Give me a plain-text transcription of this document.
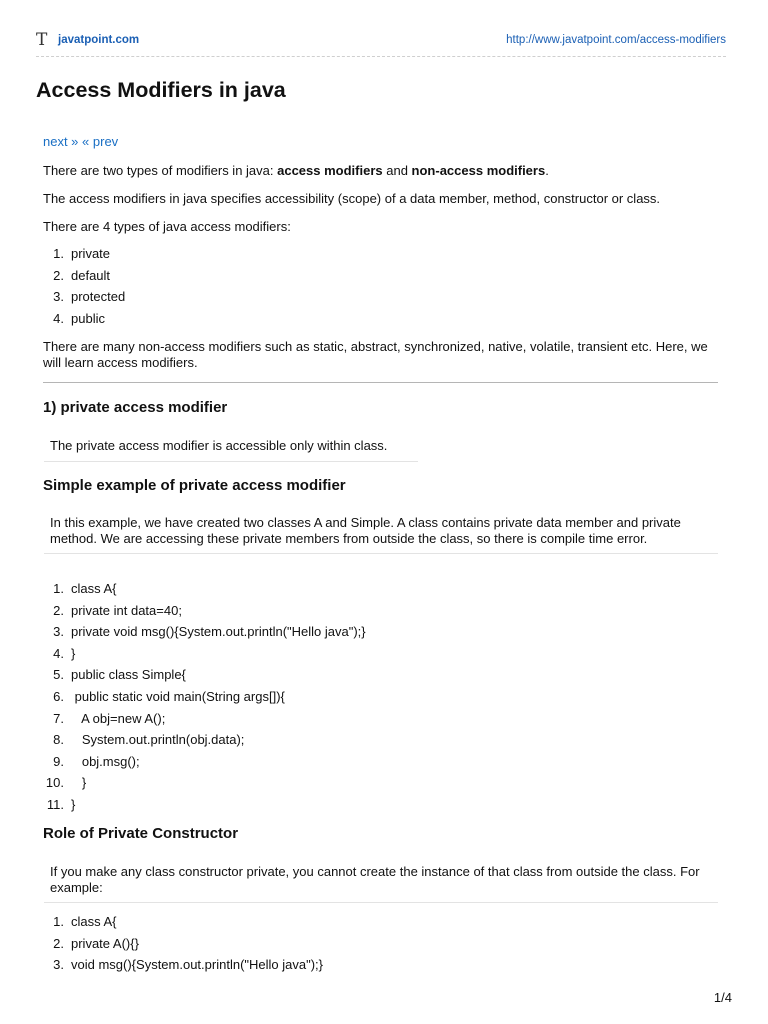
T javatpoint.com	http://www.javatpoint.com/access-modifiers
Access Modifiers in java
next » « prev

There are two types of modifiers in java: access modifiers and non-access modifiers.

The access modifiers in java specifies accessibility (scope) of a data member, method, constructor or class.

There are 4 types of java access modifiers:

1. private
2. default
3. protected
4. public

There are many non-access modifiers such as static, abstract, synchronized, native, volatile, transient etc. Here, we will learn access modifiers.

1) private access modifier
The private access modifier is accessible only within class.
Simple example of private access modifier
In this example, we have created two classes A and Simple. A class contains private data member and private method. We are accessing these private members from outside the class, so there is compile time error.
1. class A{
2. private int data=40;
3. private void msg(){System.out.println("Hello java");}
4. }
5. public class Simple{
6. public static void main(String args[]){
7. A obj=new A();
8. System.out.println(obj.data);
9. obj.msg();
10. }
11. }
Role of Private Constructor
If you make any class constructor private, you cannot create the instance of that class from outside the class. For example:
1. class A{
2. private A(){}
3. void msg(){System.out.println("Hello java");}
1/4
